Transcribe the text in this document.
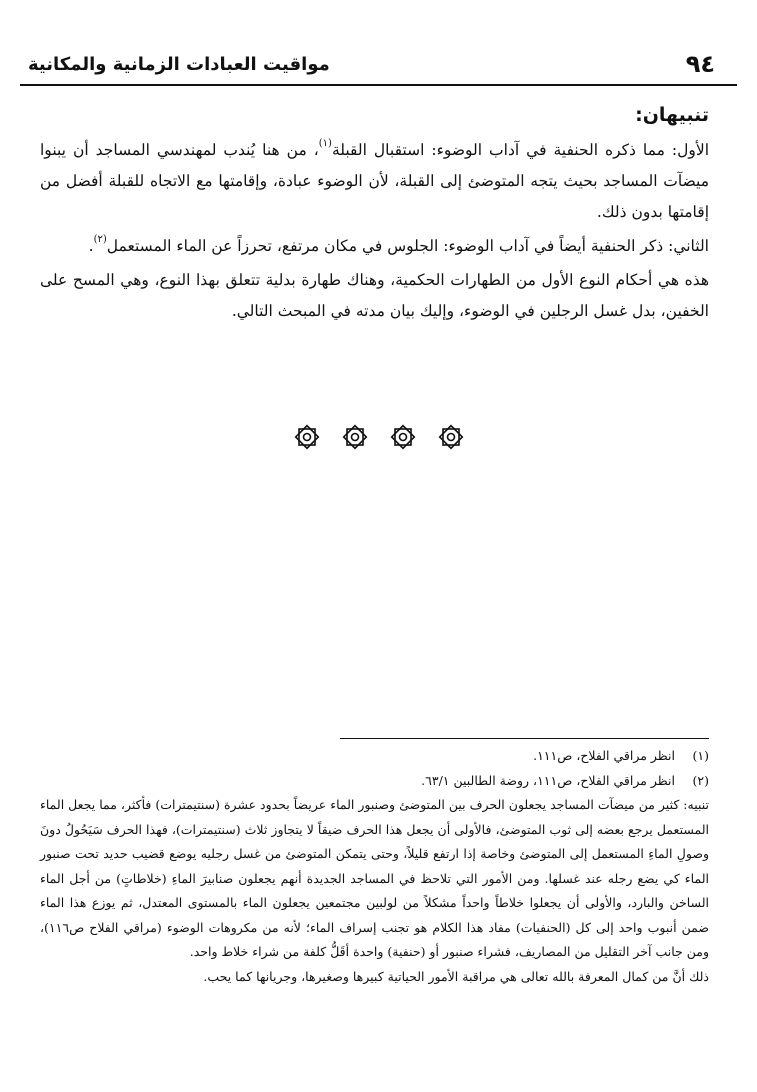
٩٤
مواقيت العبادات الزمانية والمكانية
تنبيهان:

الأول: مما ذكره الحنفية في آداب الوضوء: استقبال القبلة$^{(١)}$، من هنا يُندب لمهندسي المساجد أن يبنوا ميضآت المساجد بحيث يتجه المتوضئ إلى القبلة، لأن الوضوء عبادة، وإقامتها مع الاتجاه للقبلة أفضل من إقامتها بدون ذلك.

الثاني: ذكر الحنفية أيضاً في آداب الوضوء: الجلوس في مكان مرتفع، تحرزاً عن الماء المستعمل$^{(٢)}$.

هذه هي أحكام النوع الأول من الطهارات الحكمية، وهناك طهارة بدلية تتعلق بهذا النوع، وهي المسح على الخفين، بدل غسل الرجلين في الوضوء، وإليك بيان مدته في المبحث التالي.

(١)
انظر مراقي الفلاح، ص١١١.
(٢)
انظر مراقي الفلاح، ص١١١، روضة الطالبين ٦٣/١.

تنبيه: كثير من ميضآت المساجد يجعلون الحرف بين المتوضئ وصنبور الماء عريضاً بحدود عشرة (سنتيمترات) فأكثر، مما يجعل الماء المستعمل يرجع بعضه إلى ثوب المتوضئ، فالأولى أن يجعل هذا الحرف ضيقاً لا يتجاوز ثلاث (سنتيمترات)، فهذا الحرف سَيَحُولُ دونَ وصولِ الماءِ المستعمل إلى المتوضئ وخاصة إذا ارتفع قليلاً، وحتى يتمكن المتوضئ من غسل رجليه يوضع قضيب حديد تحت صنبور الماء كي يضع رجله عند غسلها. ومن الأمور التي تلاحظ في المساجد الجديدة أنهم يجعلون صنابيرَ الماءِ (خلاطاتٍ) من أجل الماء الساخن والبارد، والأولى أن يجعلوا خلاطاً واحداً مشكلاً من لولبين مجتمعين يجعلون الماء بالمستوى المعتدل، ثم يوزع هذا الماء ضمن أنبوب واحد إلى كل (الحنفيات) مفاد هذا الكلام هو تجنب إسراف الماء؛ لأنه من مكروهات الوضوء (مراقي الفلاح ص١١٦)، ومن جانب آخر التقليل من المصاريف، فشراء صنبور أو (حنفية) واحدة أقَلُّ كلفة من شراء خلاط واحد.

ذلك أنَّ من كمال المعرفة بالله تعالى هي مراقبة الأمور الحياتية كبيرها وصغيرها، وجريانها كما يحب.
